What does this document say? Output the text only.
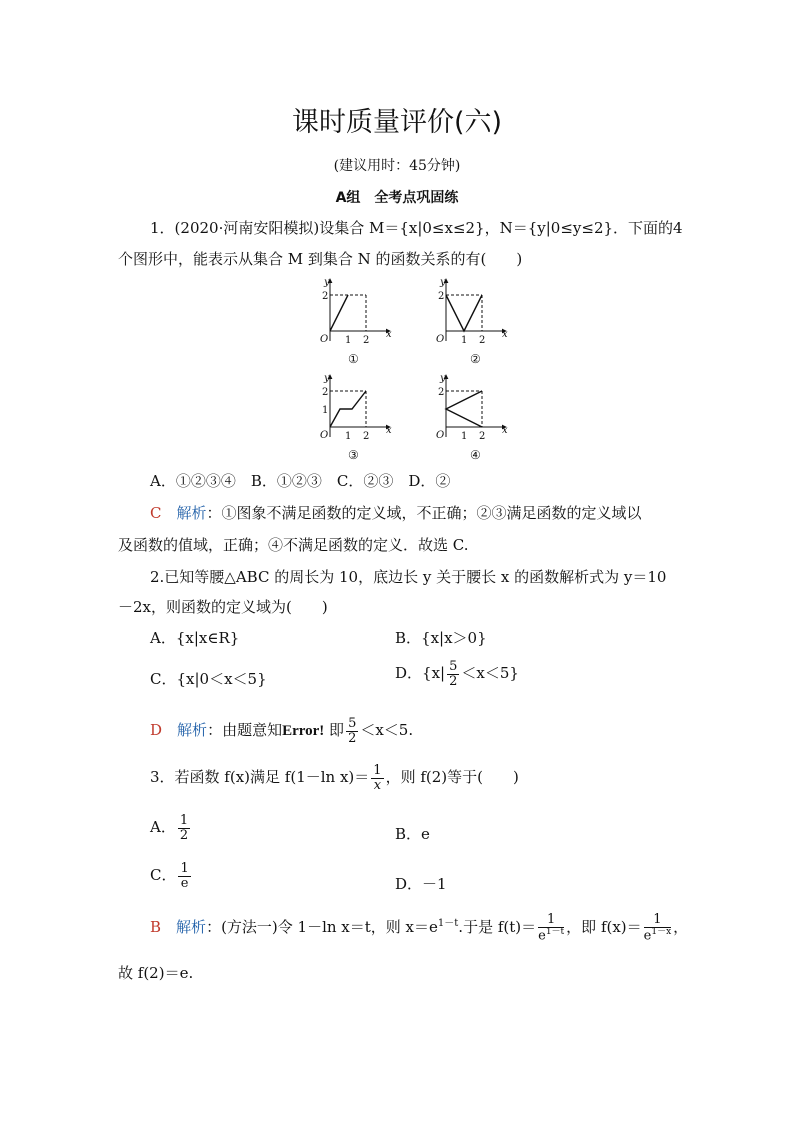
课时质量评价(六)
(建议用时：45分钟)
A组　全考点巩固练
1．(2020·河南安阳模拟)设集合 M＝{x|0≤x≤2}，N＝{y|0≤y≤2}．下面的4
个图形中，能表示从集合 M 到集合 N 的函数关系的有(　　)
y
2
O 1 2
x
①
y
2
O 1 2
x
②
y
2
1
O 1 2
x
③
y
2
O 1 2
x
④
A．①②③④　B．①②③　C．②③　D．②
C　 解析：①图象不满足函数的定义域，不正确；②③满足函数的定义域以
及函数的值域，正确；④不满足函数的定义．故选 C.
2.已知等腰△ABC 的周长为 10，底边长 y 关于腰长 x 的函数解析式为 y＝10
－2x，则函数的定义域为(　　)
A．{x|x∈R}	B．{x|x＞0}
C．{x|0＜x＜5}	D．$\{x| \frac{5}{2} <x<5\}$
D　 解析：由题意知Error! 即 $\frac{5}{2} <x<5$.
3．若函数 f(x)满足 f(1－ln $x)= \frac{1}{x}$ ，则 f(2)等于(　　)
A． $\frac{1}{2}$	B．e
C． $\frac{1}{e}$	D．－1
B　 解析：(方法一)令 1－ln x＝t，则 $x=e^{1-t}$.于是 $f(t)= \frac{1}{e^{1-t}}$ ，即 $f(x)= \frac{1}{e^{1-x}}$ ，
故 f(2)＝e.
